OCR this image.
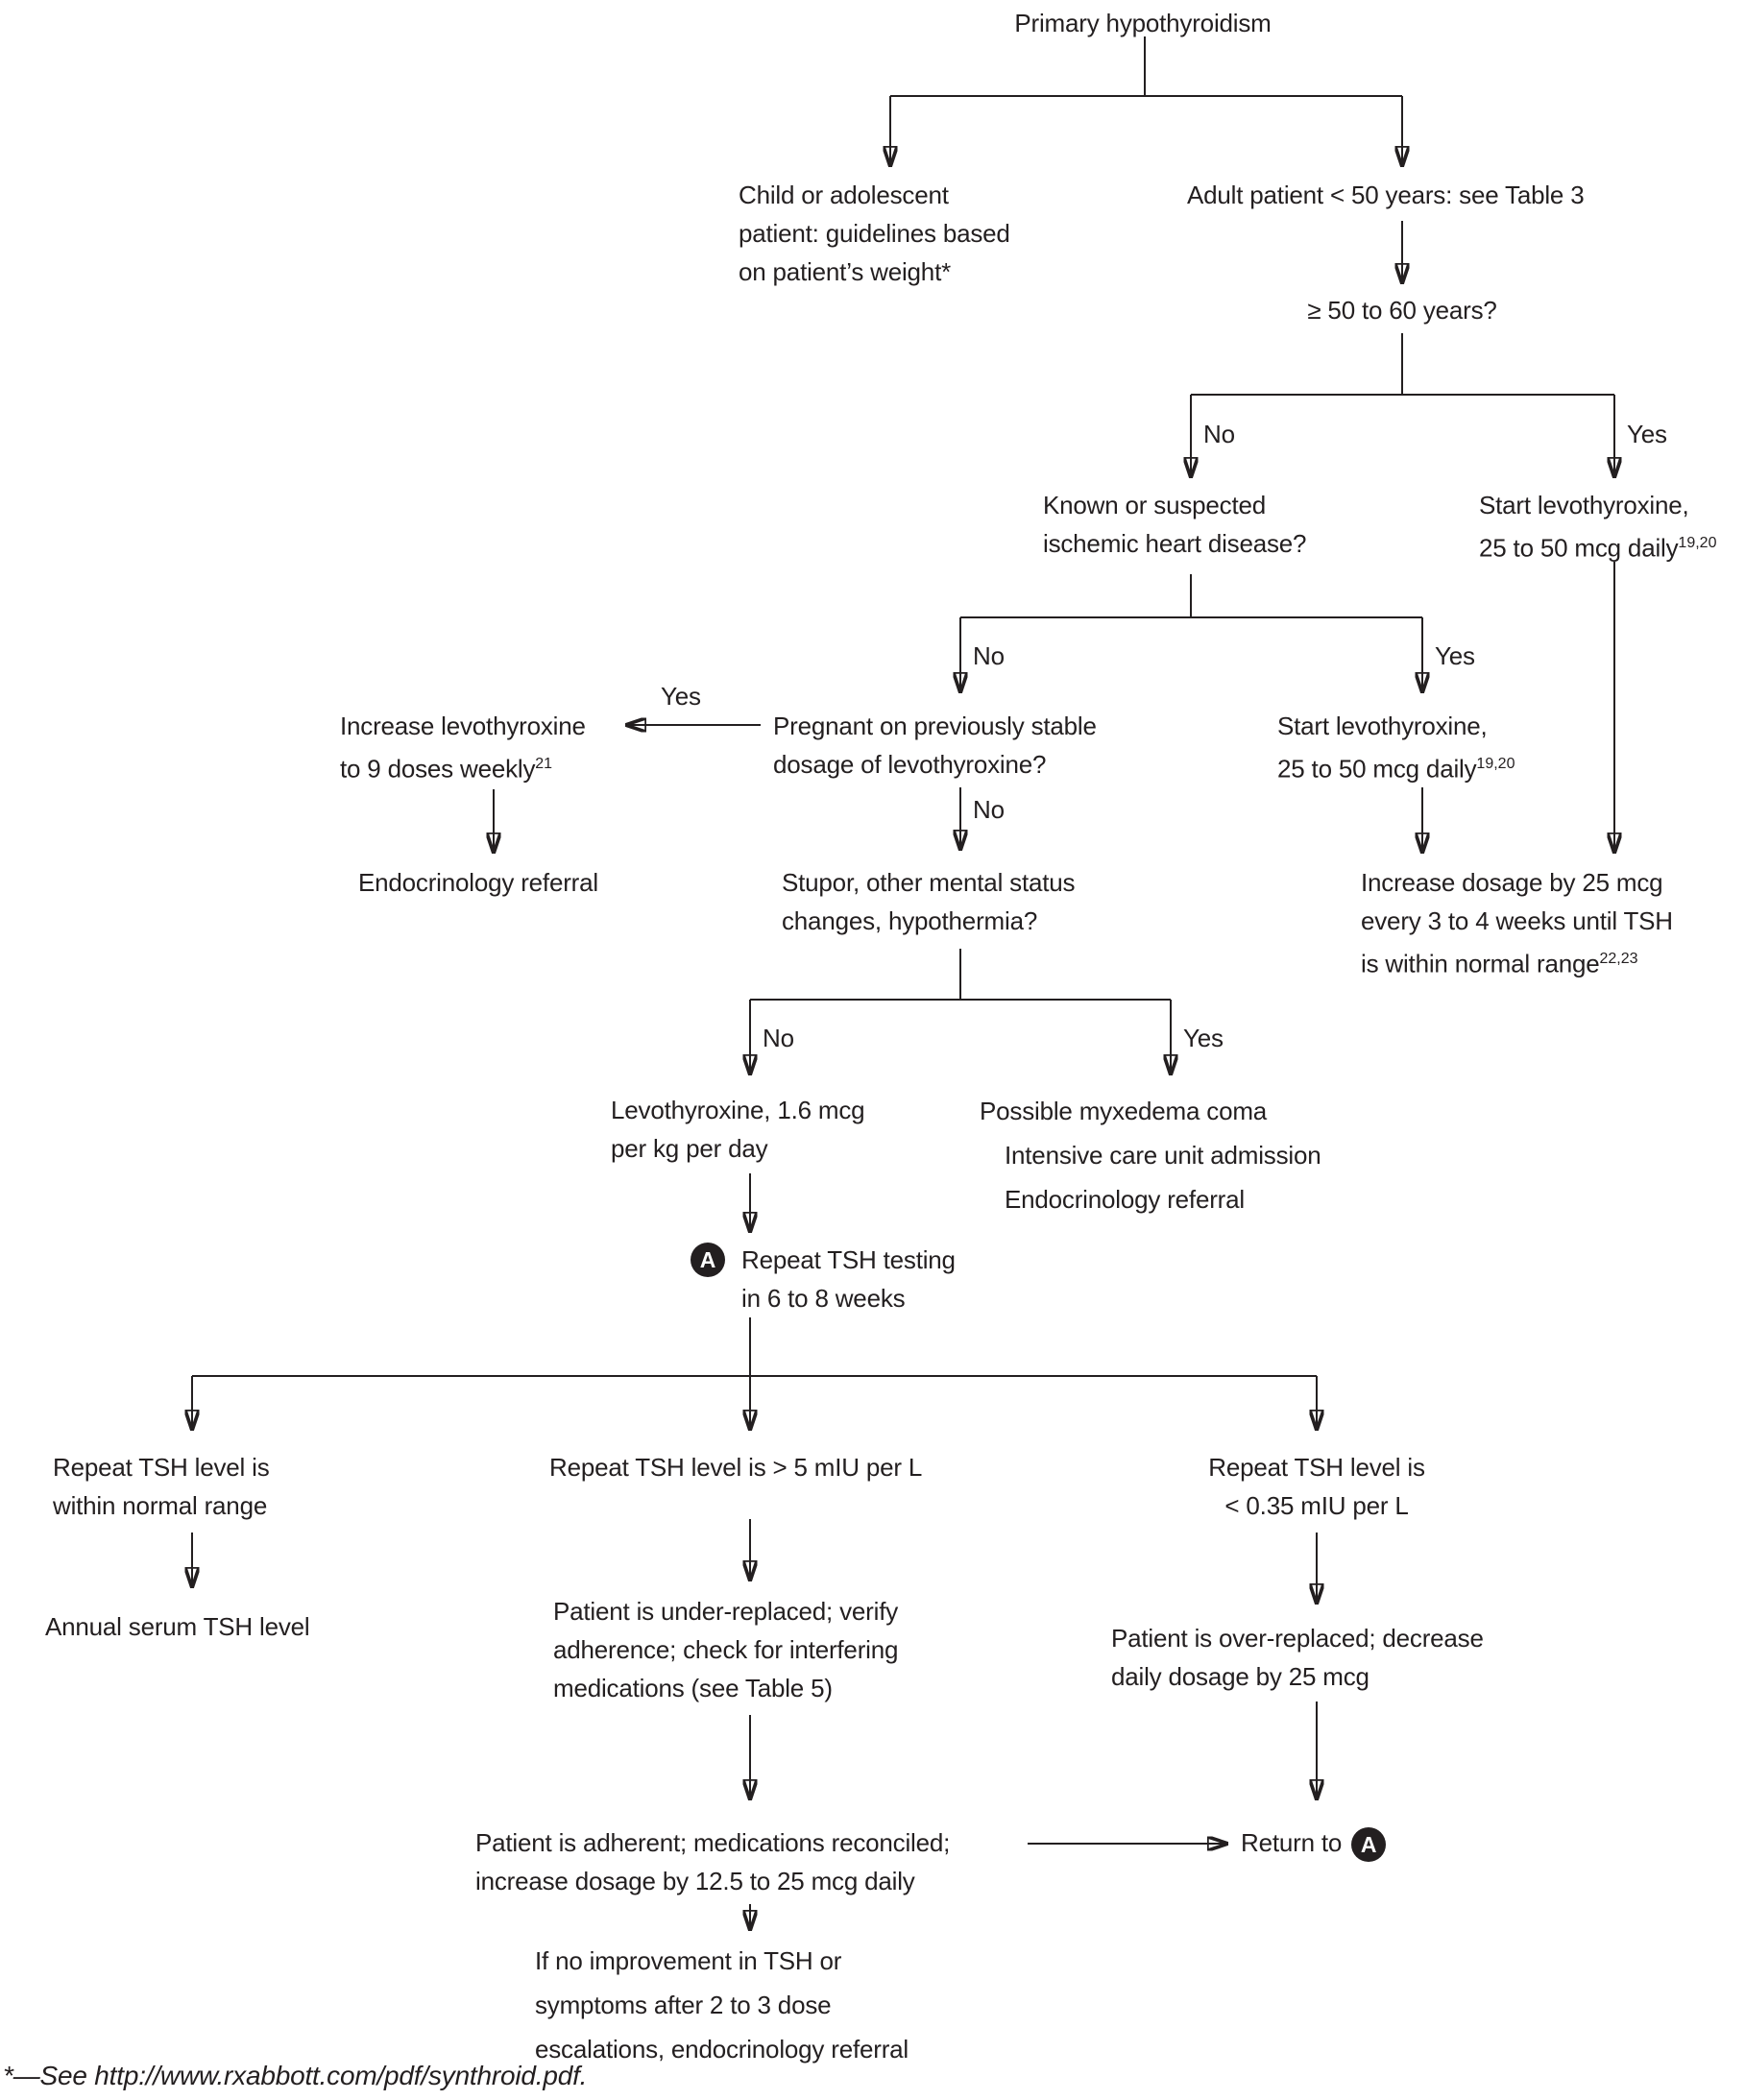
Primary hypothyroidism
Child or adolescent
patient: guidelines based
on patient’s weight*
Adult patient < 50 years: see Table 3
≥ 50 to 60 years?
No	Yes
Known or suspected
ischemic heart disease?
Start levothyroxine,
25 to 50 mcg daily$^{19,20}$
No	Yes
Yes
Increase levothyroxine
to 9 doses weekly$^{21}$
Pregnant on previously stable
dosage of levothyroxine?
Start levothyroxine,
25 to 50 mcg daily$^{19,20}$
No
Endocrinology referral	Stupor, other mental status
changes, hypothermia?
Increase dosage by 25 mcg
every 3 to 4 weeks until TSH
is within normal range$^{22,23}$
No	Yes
Levothyroxine, 1.6 mcg
per kg per day
Possible myxedema coma
Intensive care unit admission
Endocrinology referral
A	Repeat TSH testing
in 6 to 8 weeks
Repeat TSH level is
within normal range
Repeat TSH level is > 5 mIU per L	Repeat TSH level is
< 0.35 mIU per L
Annual serum TSH level
Patient is under-replaced; verify
adherence; check for interfering
medications (see Table 5)
Patient is over-replaced; decrease
daily dosage by 25 mcg
Patient is adherent; medications reconciled;
increase dosage by 12.5 to 25 mcg daily
Return to A
If no improvement in TSH or
symptoms after 2 to 3 dose
escalations, endocrinology referral
*—See http://www.rxabbott.com/pdf/synthroid.pdf.
